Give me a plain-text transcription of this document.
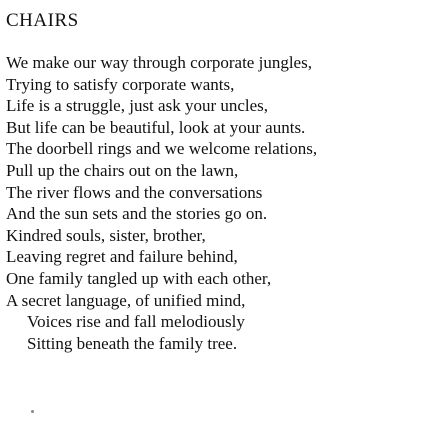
CHAIRS
We make our way through corporate jungles,
Trying to satisfy corporate wants,
Life is a struggle, just ask your uncles,
But life can be beautiful, look at your aunts.
The doorbell rings and we welcome relations,
Pull up the chairs out on the lawn,
The river flows and the conversations
And the sun sets and the stories go on.
Kindred souls, sister, brother,
Leaving regret and failure behind,
One family tangled up with each other,
A secret language, of unified mind,
Voices rise and fall melodiously
Sitting beneath the family tree.
